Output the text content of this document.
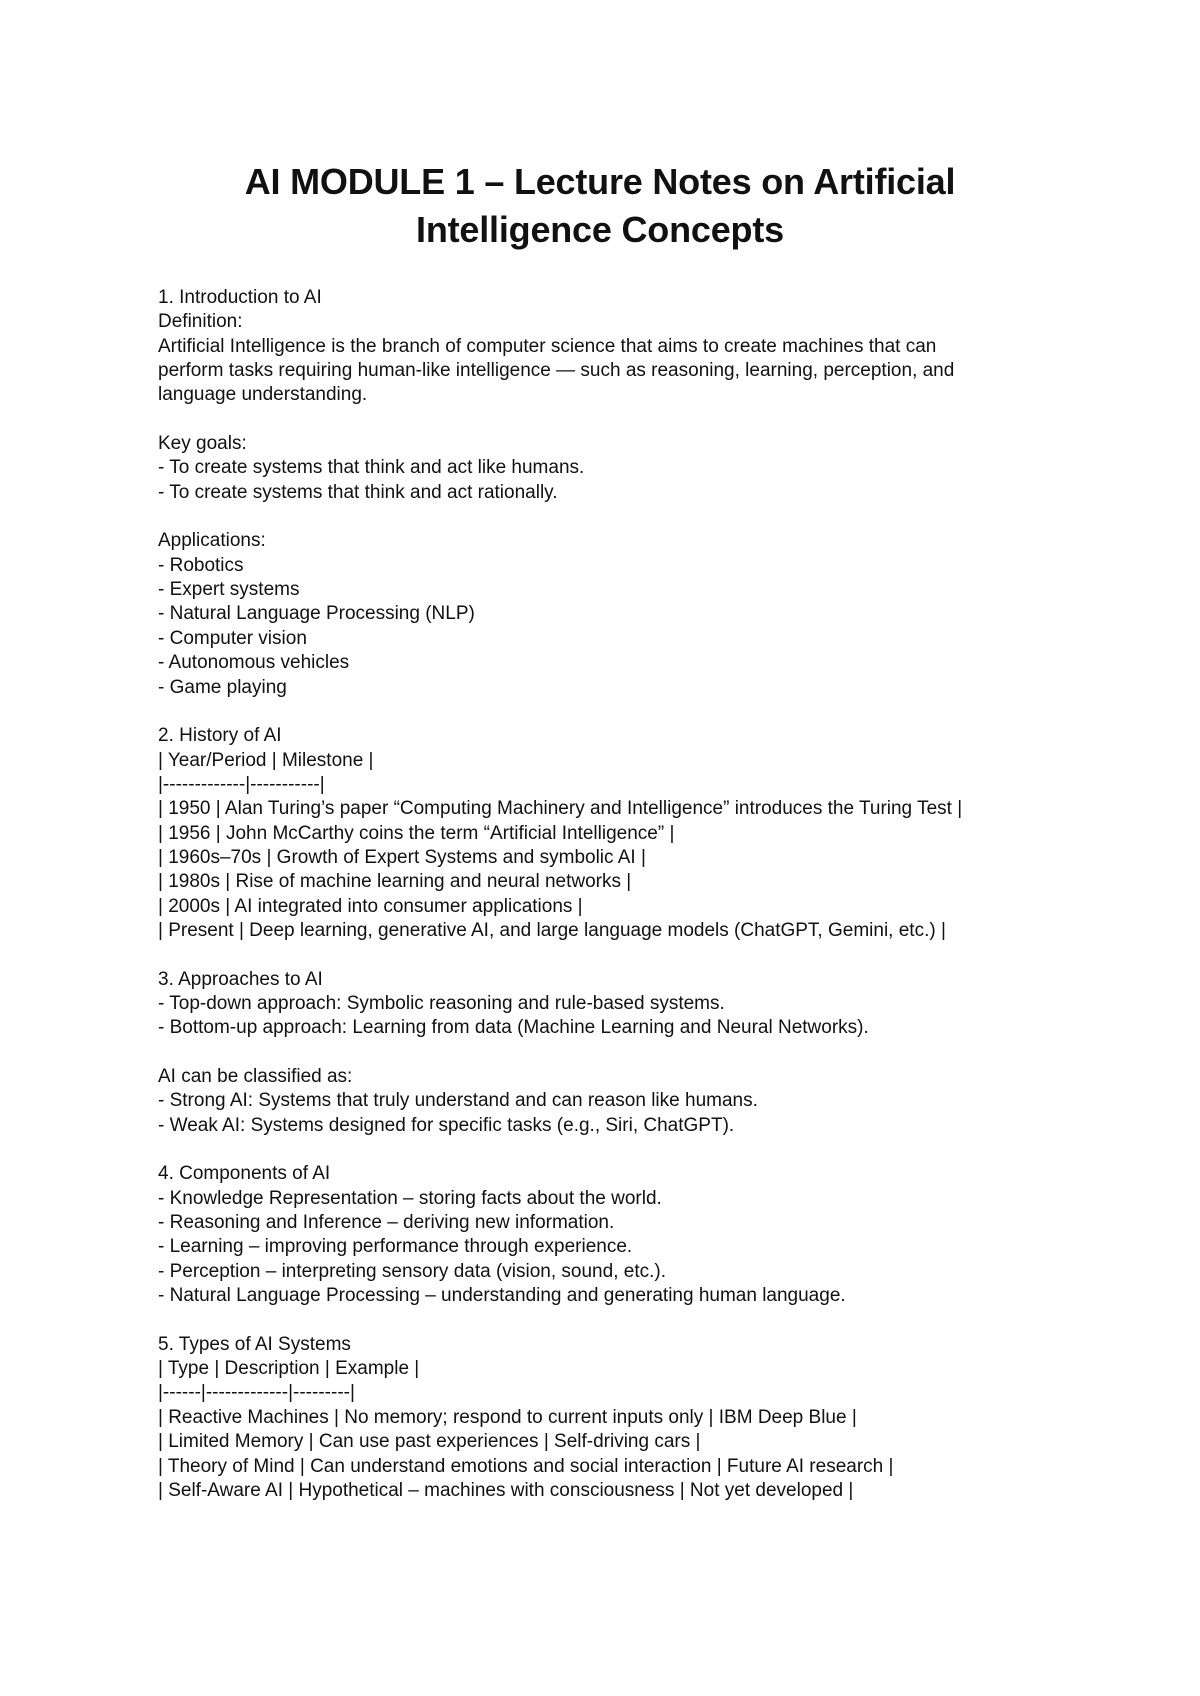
AI MODULE 1 – Lecture Notes on Artificial
Intelligence Concepts
1. Introduction to AI
Definition:
Artificial Intelligence is the branch of computer science that aims to create machines that can
perform tasks requiring human-like intelligence — such as reasoning, learning, perception, and
language understanding.
Key goals:
- To create systems that think and act like humans.
- To create systems that think and act rationally.
Applications:
- Robotics
- Expert systems
- Natural Language Processing (NLP)
- Computer vision
- Autonomous vehicles
- Game playing
2. History of AI
| Year/Period | Milestone |
|-------------|-----------|
| 1950 | Alan Turing’s paper “Computing Machinery and Intelligence” introduces the Turing Test |
| 1956 | John McCarthy coins the term “Artificial Intelligence” |
| 1960s–70s | Growth of Expert Systems and symbolic AI |
| 1980s | Rise of machine learning and neural networks |
| 2000s | AI integrated into consumer applications |
| Present | Deep learning, generative AI, and large language models (ChatGPT, Gemini, etc.) |
3. Approaches to AI
- Top-down approach: Symbolic reasoning and rule-based systems.
- Bottom-up approach: Learning from data (Machine Learning and Neural Networks).
AI can be classified as:
- Strong AI: Systems that truly understand and can reason like humans.
- Weak AI: Systems designed for specific tasks (e.g., Siri, ChatGPT).
4. Components of AI
- Knowledge Representation – storing facts about the world.
- Reasoning and Inference – deriving new information.
- Learning – improving performance through experience.
- Perception – interpreting sensory data (vision, sound, etc.).
- Natural Language Processing – understanding and generating human language.
5. Types of AI Systems
| Type | Description | Example |
|------|-------------|---------|
| Reactive Machines | No memory; respond to current inputs only | IBM Deep Blue |
| Limited Memory | Can use past experiences | Self-driving cars |
| Theory of Mind | Can understand emotions and social interaction | Future AI research |
| Self-Aware AI | Hypothetical – machines with consciousness | Not yet developed |
